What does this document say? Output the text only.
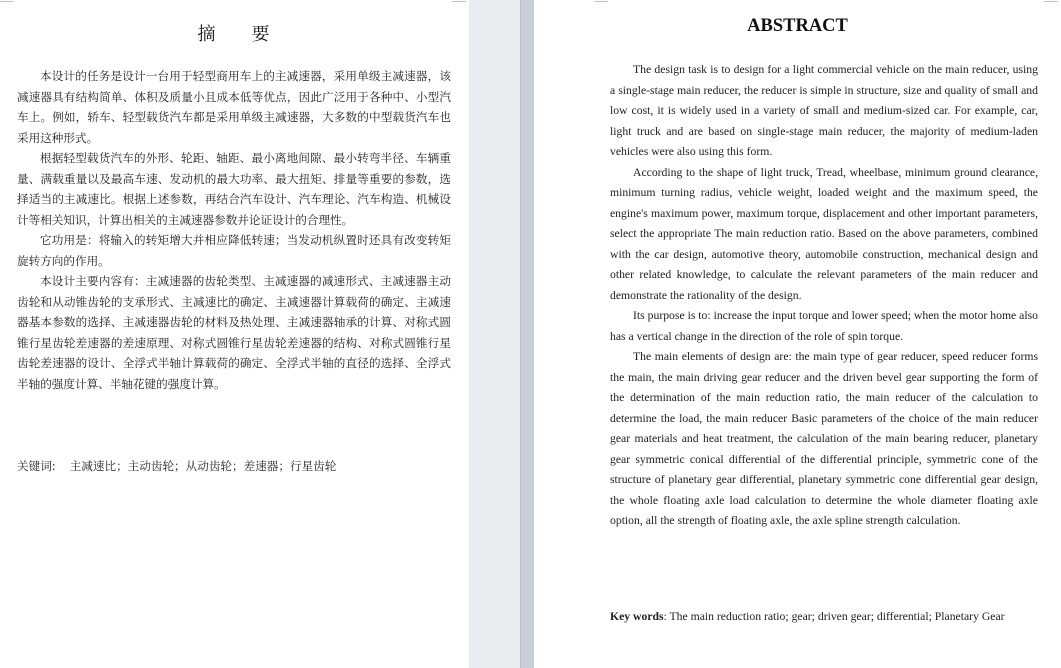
摘 要

本设计的任务是设计一台用于轻型商用车上的主减速器，采用单级主减速器，该减速器具有结构简单、体积及质量小且成本低等优点，因此广泛用于各种中、小型汽车上。例如，轿车、轻型载货汽车都是采用单级主减速器，大多数的中型载货汽车也采用这种形式。

根据轻型载货汽车的外形、轮距、轴距、最小离地间隙、最小转弯半径、车辆重量、满载重量以及最高车速、发动机的最大功率、最大扭矩、排量等重要的参数，选择适当的主减速比。根据上述参数，再结合汽车设计、汽车理论、汽车构造、机械设计等相关知识，计算出相关的主减速器参数并论证设计的合理性。

它功用是：将输入的转矩增大并相应降低转速；当发动机纵置时还具有改变转矩旋转方向的作用。

本设计主要内容有：主减速器的齿轮类型、主减速器的减速形式、主减速器主动齿轮和从动锥齿轮的支承形式、主减速比的确定、主减速器计算载荷的确定、主减速器基本参数的选择、主减速器齿轮的材料及热处理、主减速器轴承的计算、对称式圆锥行星齿轮差速器的差速原理、对称式圆锥行星齿轮差速器的结构、对称式圆锥行星齿轮差速器的设计、全浮式半轴计算载荷的确定、全浮式半轴的直径的选择、全浮式半轴的强度计算、半轴花键的强度计算。

关键词: 主减速比；主动齿轮；从动齿轮；差速器；行星齿轮
ABSTRACT

The design task is to design for a light commercial vehicle on the main reducer, using a single-stage main reducer, the reducer is simple in structure, size and quality of small and low cost, it is widely used in a variety of small and medium-sized car. For example, car, light truck and are based on single-stage main reducer, the majority of medium-laden vehicles were also using this form.

According to the shape of light truck, Tread, wheelbase, minimum ground clearance, minimum turning radius, vehicle weight, loaded weight and the maximum speed, the engine's maximum power, maximum torque, displacement and other important parameters, select the appropriate The main reduction ratio. Based on the above parameters, combined with the car design, automotive theory, automobile construction, mechanical design and other related knowledge, to calculate the relevant parameters of the main reducer and demonstrate the rationality of the design.

Its purpose is to: increase the input torque and lower speed; when the motor home also has a vertical change in the direction of the role of spin torque.

The main elements of design are: the main type of gear reducer, speed reducer forms the main, the main driving gear reducer and the driven bevel gear supporting the form of the determination of the main reduction ratio, the main reducer of the calculation to determine the load, the main reducer Basic parameters of the choice of the main reducer gear materials and heat treatment, the calculation of the main bearing reducer, planetary gear symmetric conical differential of the differential principle, symmetric cone of the structure of planetary gear differential, planetary symmetric cone differential gear design, the whole floating axle load calculation to determine the whole diameter floating axle option, all the strength of floating axle, the axle spline strength calculation.

Key words: The main reduction ratio; gear; driven gear; differential; Planetary Gear
